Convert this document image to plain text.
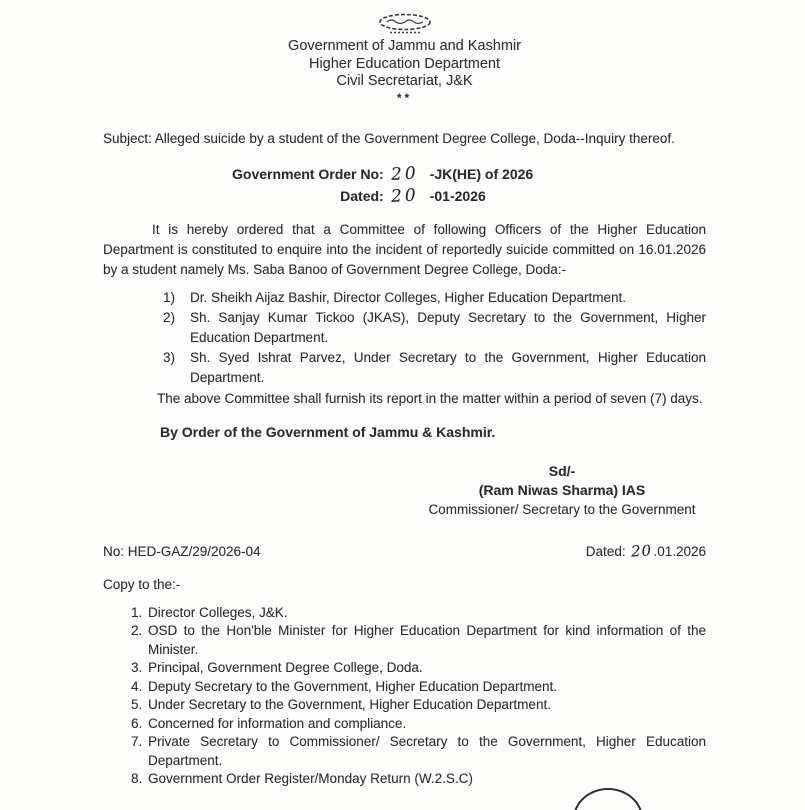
Government of Jammu and Kashmir
Higher Education Department
Civil Secretariat, J&K
**

Subject: Alleged suicide by a student of the Government Degree College, Doda--Inquiry thereof.

Government Order No: 20 -JK(HE) of 2026
Dated: 20 -01-2026

It is hereby ordered that a Committee of following Officers of the Higher Education Department is constituted to enquire into the incident of reportedly suicide committed on 16.01.2026 by a student namely Ms. Saba Banoo of Government Degree College, Doda:-

1) Dr. Sheikh Aijaz Bashir, Director Colleges, Higher Education Department.
2) Sh. Sanjay Kumar Tickoo (JKAS), Deputy Secretary to the Government, Higher Education Department.
3) Sh. Syed Ishrat Parvez, Under Secretary to the Government, Higher Education Department.

The above Committee shall furnish its report in the matter within a period of seven (7) days.

By Order of the Government of Jammu & Kashmir.

Sd/-
(Ram Niwas Sharma) IAS
Commissioner/ Secretary to the Government
No: HED-GAZ/29/2026-04	Dated: 20.01.2026

Copy to the:-

1. Director Colleges, J&K.
2. OSD to the Hon'ble Minister for Higher Education Department for kind information of the Minister.
3. Principal, Government Degree College, Doda.
4. Deputy Secretary to the Government, Higher Education Department.
5. Under Secretary to the Government, Higher Education Department.
6. Concerned for information and compliance.
7. Private Secretary to Commissioner/ Secretary to the Government, Higher Education Department.
8. Government Order Register/Monday Return (W.2.S.C)
